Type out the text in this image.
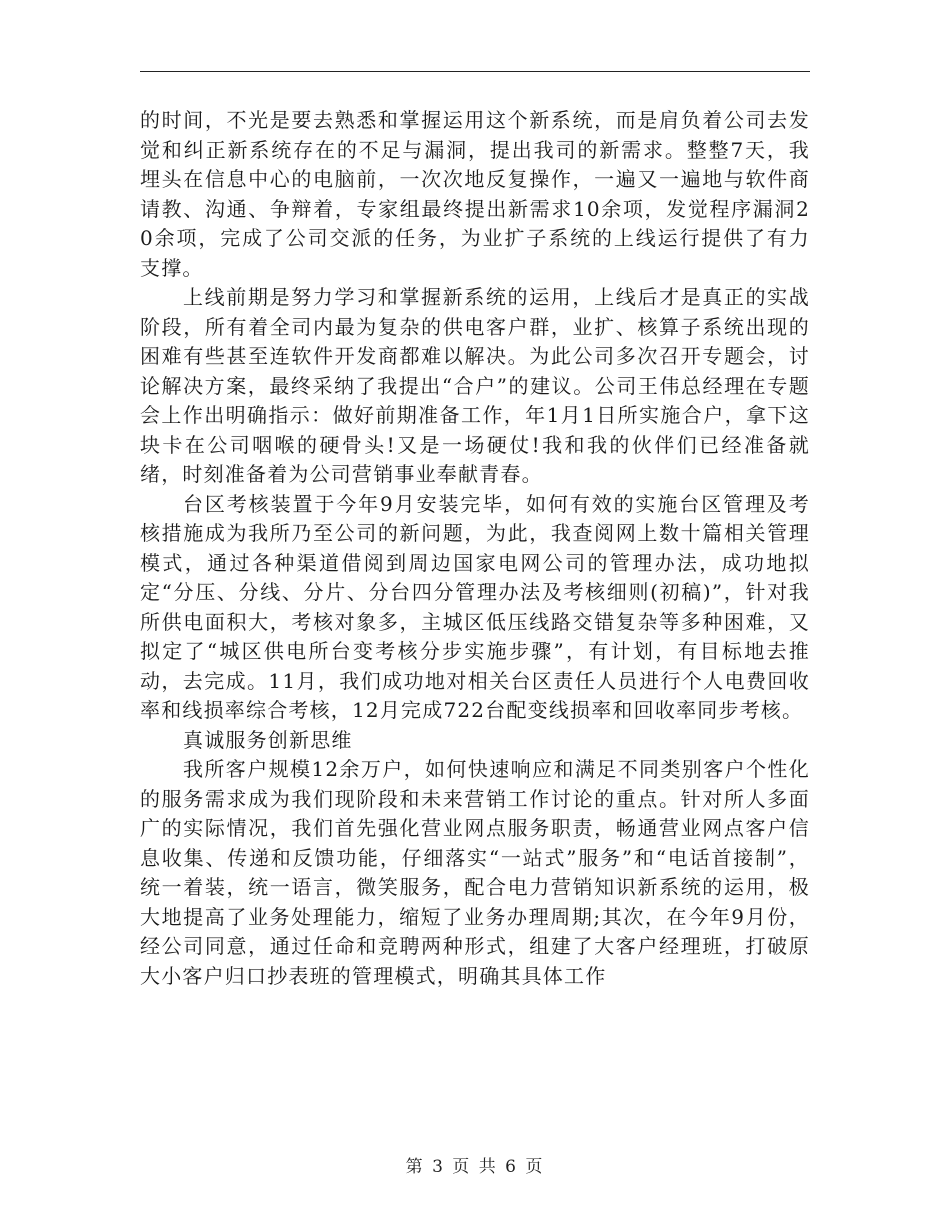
的时间，不光是要去熟悉和掌握运用这个新系统，而是肩负着公司去发觉和纠正新系统存在的不足与漏洞，提出我司的新需求。整整7天，我埋头在信息中心的电脑前，一次次地反复操作，一遍又一遍地与软件商请教、沟通、争辩着，专家组最终提出新需求10余项，发觉程序漏洞20余项，完成了公司交派的任务，为业扩子系统的上线运行提供了有力支撑。

上线前期是努力学习和掌握新系统的运用，上线后才是真正的实战阶段，所有着全司内最为复杂的供电客户群，业扩、核算子系统出现的困难有些甚至连软件开发商都难以解决。为此公司多次召开专题会，讨论解决方案，最终采纳了我提出“合户”的建议。公司王伟总经理在专题会上作出明确指示：做好前期准备工作，年1月1日所实施合户，拿下这块卡在公司咽喉的硬骨头!又是一场硬仗!我和我的伙伴们已经准备就绪，时刻准备着为公司营销事业奉献青春。

台区考核装置于今年9月安装完毕，如何有效的实施台区管理及考核措施成为我所乃至公司的新问题，为此，我查阅网上数十篇相关管理模式，通过各种渠道借阅到周边国家电网公司的管理办法，成功地拟定“分压、分线、分片、分台四分管理办法及考核细则(初稿)”，针对我所供电面积大，考核对象多，主城区低压线路交错复杂等多种困难，又拟定了“城区供电所台变考核分步实施步骤”，有计划，有目标地去推动，去完成。11月，我们成功地对相关台区责任人员进行个人电费回收率和线损率综合考核，12月完成722台配变线损率和回收率同步考核。

真诚服务创新思维

我所客户规模12余万户，如何快速响应和满足不同类别客户个性化的服务需求成为我们现阶段和未来营销工作讨论的重点。针对所人多面广的实际情况，我们首先强化营业网点服务职责，畅通营业网点客户信息收集、传递和反馈功能，仔细落实“一站式”服务”和“电话首接制”，统一着装，统一语言，微笑服务，配合电力营销知识新系统的运用，极大地提高了业务处理能力，缩短了业务办理周期;其次，在今年9月份，经公司同意，通过任命和竞聘两种形式，组建了大客户经理班，打破原大小客户归口抄表班的管理模式，明确其具体工作

第 3 页 共 6 页
